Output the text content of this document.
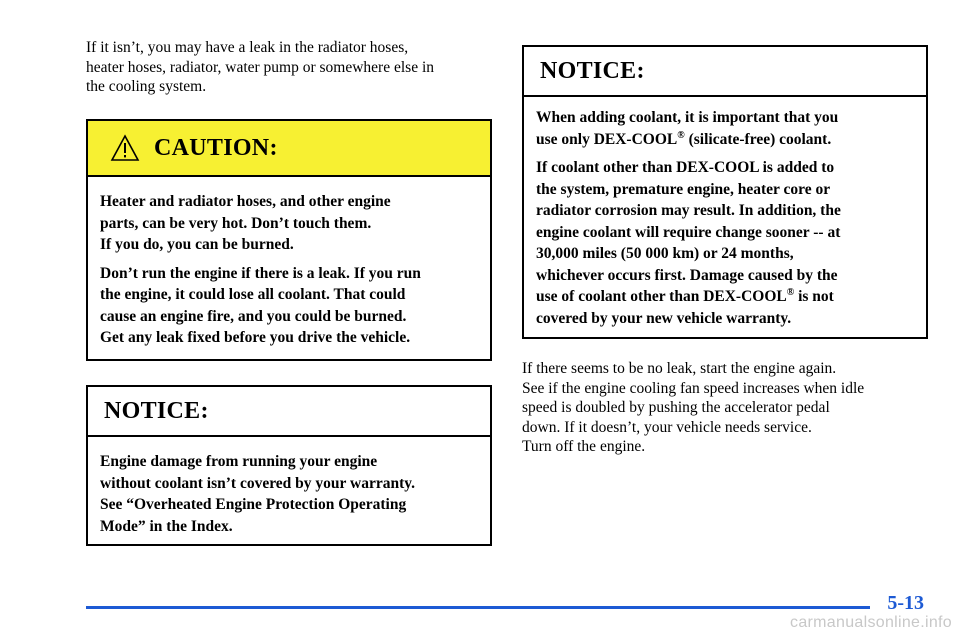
If it isn’t, you may have a leak in the radiator hoses,

heater hoses, radiator, water pump or somewhere else in

the cooling system.

CAUTION:

Heater and radiator hoses, and other engine
parts, can be very hot. Don’t touch them.
If you do, you can be burned.

Don’t run the engine if there is a leak. If you run
the engine, it could lose all coolant. That could
cause an engine fire, and you could be burned.
Get any leak fixed before you drive the vehicle.

NOTICE:

Engine damage from running your engine
without coolant isn’t covered by your warranty.
See “Overheated Engine Protection Operating
Mode” in the Index.

NOTICE:

When adding coolant, it is important that you
use only DEX-COOL® (silicate-free) coolant.

If coolant other than DEX-COOL is added to
the system, premature engine, heater core or
radiator corrosion may result. In addition, the
engine coolant will require change sooner -- at
30,000 miles (50 000 km) or 24 months,
whichever occurs first. Damage caused by the
use of coolant other than DEX-COOL® is not
covered by your new vehicle warranty.

If there seems to be no leak, start the engine again.

See if the engine cooling fan speed increases when idle

speed is doubled by pushing the accelerator pedal

down. If it doesn’t, your vehicle needs service.

Turn off the engine.

5-13
carmanualsonline.info
